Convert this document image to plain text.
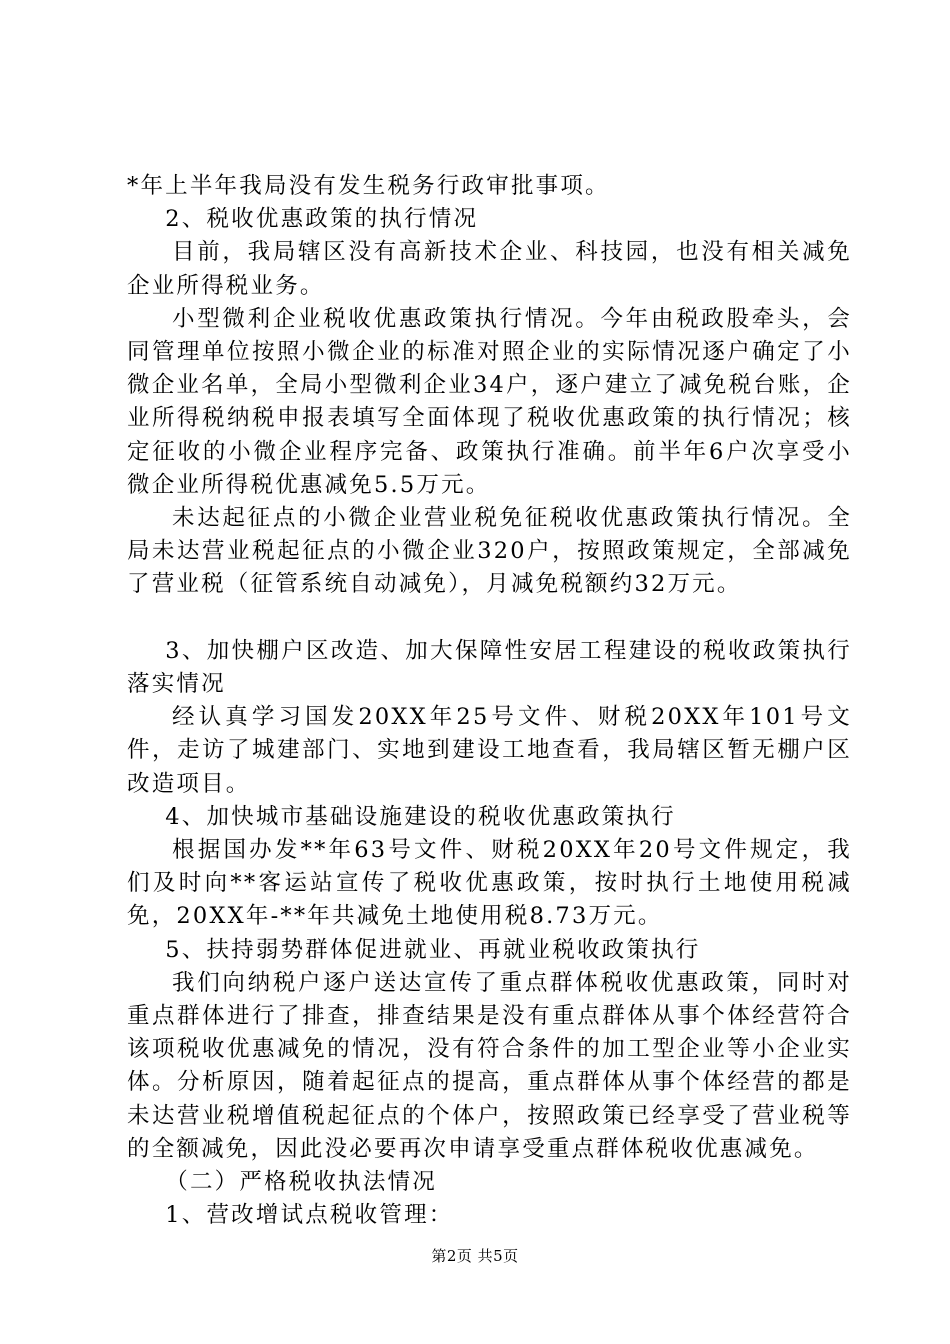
*年上半年我局没有发生税务行政审批事项。

2、税收优惠政策的执行情况

目前，我局辖区没有高新技术企业、科技园，也没有相关减免企业所得税业务。

小型微利企业税收优惠政策执行情况。今年由税政股牵头，会同管理单位按照小微企业的标准对照企业的实际情况逐户确定了小微企业名单，全局小型微利企业34户，逐户建立了减免税台账，企业所得税纳税申报表填写全面体现了税收优惠政策的执行情况；核定征收的小微企业程序完备、政策执行准确。前半年6户次享受小微企业所得税优惠减免5.5万元。

未达起征点的小微企业营业税免征税收优惠政策执行情况。全局未达营业税起征点的小微企业320户，按照政策规定，全部减免了营业税（征管系统自动减免），月减免税额约32万元。

3、加快棚户区改造、加大保障性安居工程建设的税收政策执行落实情况

经认真学习国发20XX年25号文件、财税20XX年101号文件，走访了城建部门、实地到建设工地查看，我局辖区暂无棚户区改造项目。

4、加快城市基础设施建设的税收优惠政策执行

根据国办发**年63号文件、财税20XX年20号文件规定，我们及时向**客运站宣传了税收优惠政策，按时执行土地使用税减免，20XX年-**年共减免土地使用税8.73万元。

5、扶持弱势群体促进就业、再就业税收政策执行

我们向纳税户逐户送达宣传了重点群体税收优惠政策，同时对重点群体进行了排查，排查结果是没有重点群体从事个体经营符合该项税收优惠减免的情况，没有符合条件的加工型企业等小企业实体。分析原因，随着起征点的提高，重点群体从事个体经营的都是未达营业税增值税起征点的个体户，按照政策已经享受了营业税等的全额减免，因此没必要再次申请享受重点群体税收优惠减免。

（二）严格税收执法情况

1、营改增试点税收管理：

第2页 共5页
